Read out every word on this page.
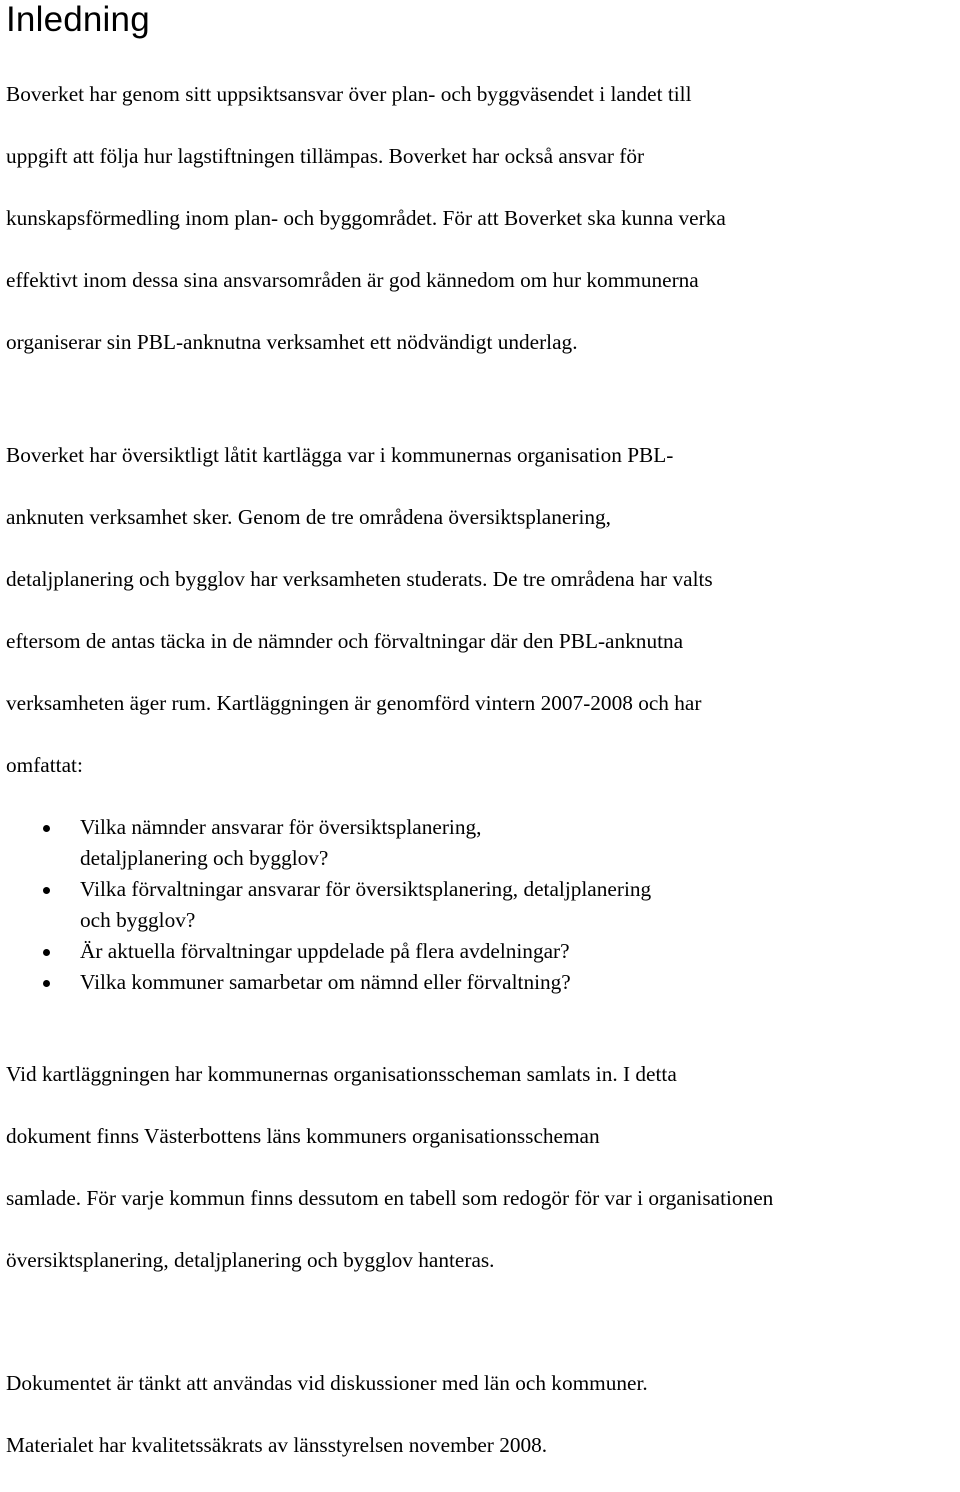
Inledning

Boverket har genom sitt uppsiktsansvar över plan- och byggväsendet i landet till

uppgift att följa hur lagstiftningen tillämpas. Boverket har också ansvar för

kunskapsförmedling inom plan- och byggområdet. För att Boverket ska kunna verka

effektivt inom dessa sina ansvarsområden är god kännedom om hur kommunerna

organiserar sin PBL-anknutna verksamhet ett nödvändigt underlag.

Boverket har översiktligt låtit kartlägga var i kommunernas organisation PBL-

anknuten verksamhet sker. Genom de tre områdena översiktsplanering,

detaljplanering och bygglov har verksamheten studerats. De tre områdena har valts

eftersom de antas täcka in de nämnder och förvaltningar där den PBL-anknutna

verksamheten äger rum. Kartläggningen är genomförd vintern 2007-2008 och har

omfattat:

Vilka nämnder ansvarar för översiktsplanering,
detaljplanering och bygglov?
Vilka förvaltningar ansvarar för översiktsplanering, detaljplanering
och bygglov?
Är aktuella förvaltningar uppdelade på flera avdelningar?
Vilka kommuner samarbetar om nämnd eller förvaltning?

Vid kartläggningen har kommunernas organisationsscheman samlats in. I detta

dokument finns Västerbottens läns kommuners organisationsscheman

samlade. För varje kommun finns dessutom en tabell som redogör för var i organisationen

översiktsplanering, detaljplanering och bygglov hanteras.

Dokumentet är tänkt att användas vid diskussioner med län och kommuner.

Materialet har kvalitetssäkrats av länsstyrelsen november 2008.
